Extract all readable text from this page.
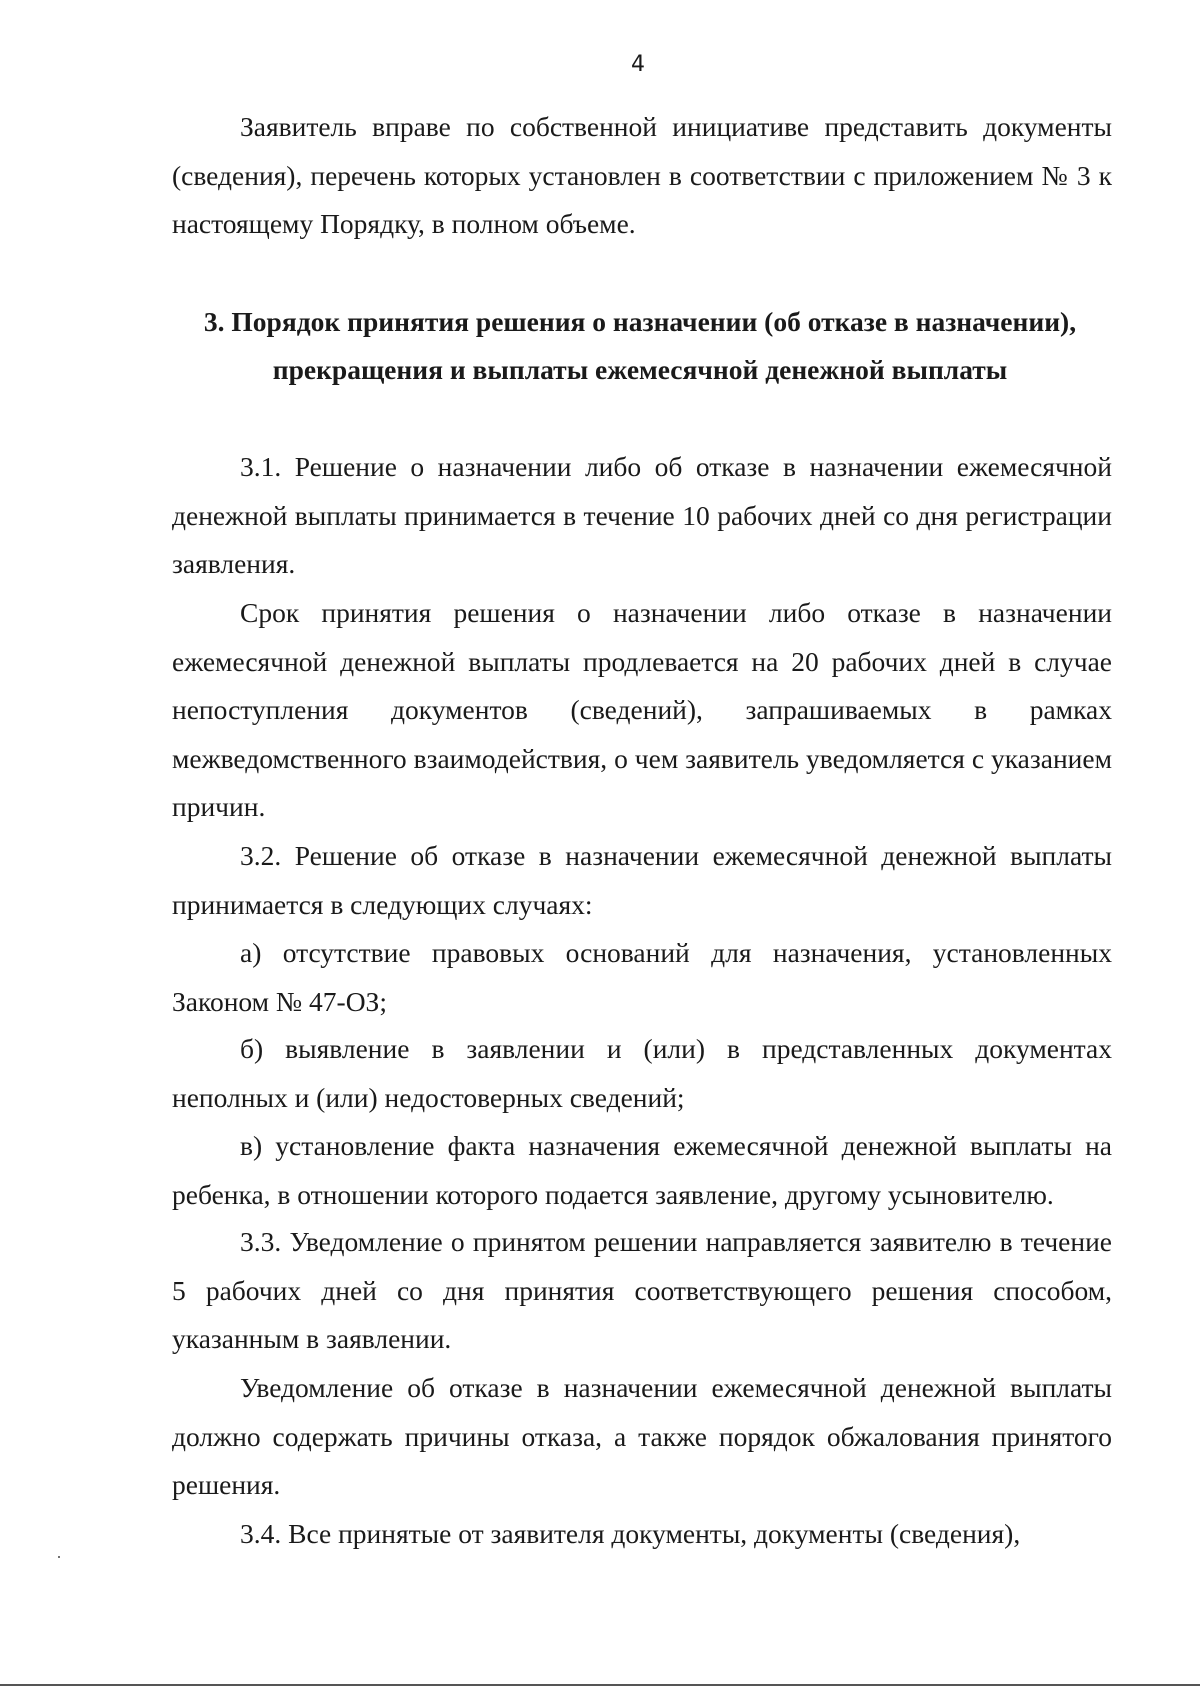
4

Заявитель вправе по собственной инициативе представить документы (сведения), перечень которых установлен в соответствии с приложением № 3 к настоящему Порядку, в полном объеме.

3. Порядок принятия решения о назначении (об отказе в назначении),
прекращения и выплаты ежемесячной денежной выплаты

3.1. Решение о назначении либо об отказе в назначении ежемесячной денежной выплаты принимается в течение 10 рабочих дней со дня регистрации заявления.

Срок принятия решения о назначении либо отказе в назначении ежемесячной денежной выплаты продлевается на 20 рабочих дней в случае непоступления документов (сведений), запрашиваемых в рамках межведомственного взаимодействия, о чем заявитель уведомляется с указанием причин.

3.2. Решение об отказе в назначении ежемесячной денежной выплаты принимается в следующих случаях:

а) отсутствие правовых оснований для назначения, установленных Законом № 47-ОЗ;

б) выявление в заявлении и (или) в представленных документах неполных и (или) недостоверных сведений;

в) установление факта назначения ежемесячной денежной выплаты на ребенка, в отношении которого подается заявление, другому усыновителю.

3.3. Уведомление о принятом решении направляется заявителю в течение 5 рабочих дней со дня принятия соответствующего решения способом, указанным в заявлении.

Уведомление об отказе в назначении ежемесячной денежной выплаты должно содержать причины отказа, а также порядок обжалования принятого решения.

3.4. Все принятые от заявителя документы, документы (сведения),
